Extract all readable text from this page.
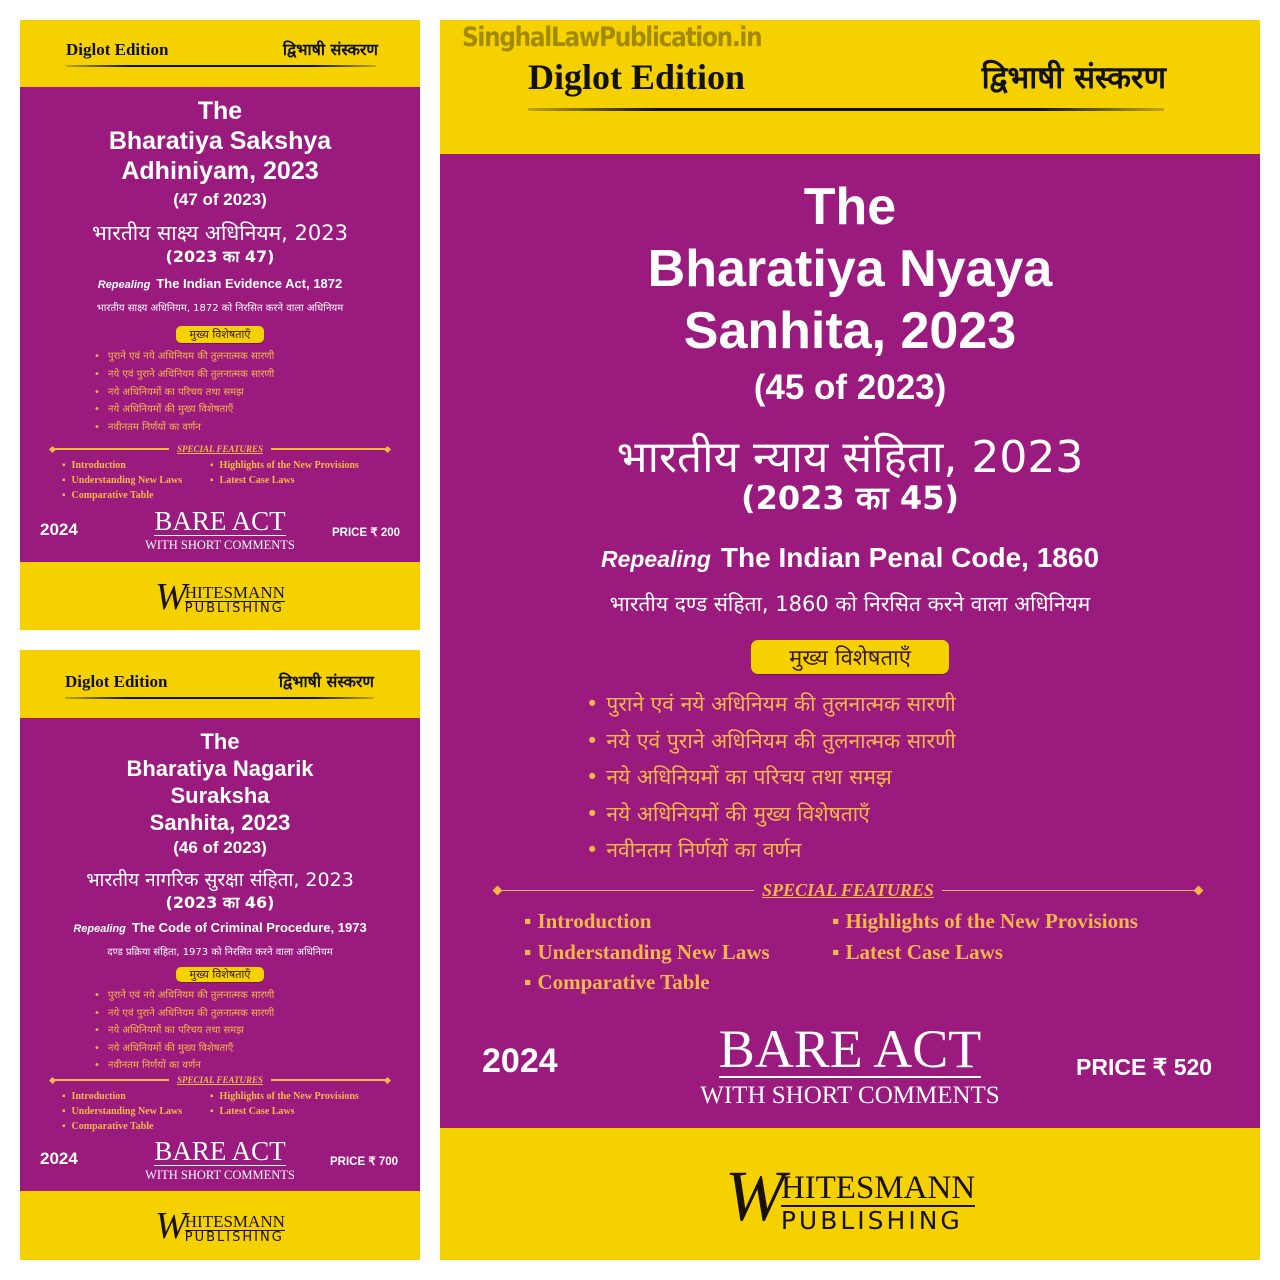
Diglot Edition	द्विभाषी संस्करण
The
Bharatiya Sakshya
Adhiniyam, 2023
(47 of 2023)
भारतीय साक्ष्य अधिनियम, 2023
(2023 का 47)
Repealing The Indian Evidence Act, 1872
भारतीय साक्ष्य अधिनियम, 1872 को निरसित करने वाला अधिनियम
मुख्य विशेषताएँ
• पुराने एवं नये अधिनियम की तुलनात्मक सारणी
• नये एवं पुराने अधिनियम की तुलनात्मक सारणी
• नये अधिनियमों का परिचय तथा समझ
• नये अधिनियमों की मुख्य विशेषताएँ
• नवीनतम निर्णयों का वर्णन
SPECIAL FEATURES
▪ Introduction	▪ Highlights of the New Provisions
▪ Understanding New Laws	▪ Latest Case Laws
▪ Comparative Table
2024	BARE ACT
WITH SHORT COMMENTS
PRICE ₹ 200
W
HITESMANN
PUBLISHING
Diglot Edition	द्विभाषी संस्करण
The
Bharatiya Nagarik
Suraksha
Sanhita, 2023
(46 of 2023)
भारतीय नागरिक सुरक्षा संहिता, 2023
(2023 का 46)
Repealing The Code of Criminal Procedure, 1973
दण्ड प्रक्रिया संहिता, 1973 को निरसित करने वाला अधिनियम
मुख्य विशेषताएँ
• पुराने एवं नये अधिनियम की तुलनात्मक सारणी
• नये एवं पुराने अधिनियम की तुलनात्मक सारणी
• नये अधिनियमों का परिचय तथा समझ
• नये अधिनियमों की मुख्य विशेषताएँ
• नवीनतम निर्णयों का वर्णन
SPECIAL FEATURES
▪ Introduction	▪ Highlights of the New Provisions
▪ Understanding New Laws	▪ Latest Case Laws
▪ Comparative Table
2024	BARE ACT
WITH SHORT COMMENTS
PRICE ₹ 700
W
HITESMANN
PUBLISHING
Diglot Edition	द्विभाषी संस्करण
The
Bharatiya Nyaya
Sanhita, 2023
(45 of 2023)
भारतीय न्याय संहिता, 2023
(2023 का 45)
Repealing The Indian Penal Code, 1860
भारतीय दण्ड संहिता, 1860 को निरसित करने वाला अधिनियम
मुख्य विशेषताएँ
• पुराने एवं नये अधिनियम की तुलनात्मक सारणी
• नये एवं पुराने अधिनियम की तुलनात्मक सारणी
• नये अधिनियमों का परिचय तथा समझ
• नये अधिनियमों की मुख्य विशेषताएँ
• नवीनतम निर्णयों का वर्णन
SPECIAL FEATURES
▪ Introduction	▪ Highlights of the New Provisions
▪ Understanding New Laws	▪ Latest Case Laws
▪ Comparative Table
2024	BARE ACT
WITH SHORT COMMENTS
PRICE ₹ 520
W
HITESMANN
PUBLISHING
SinghalLawPublication.in
